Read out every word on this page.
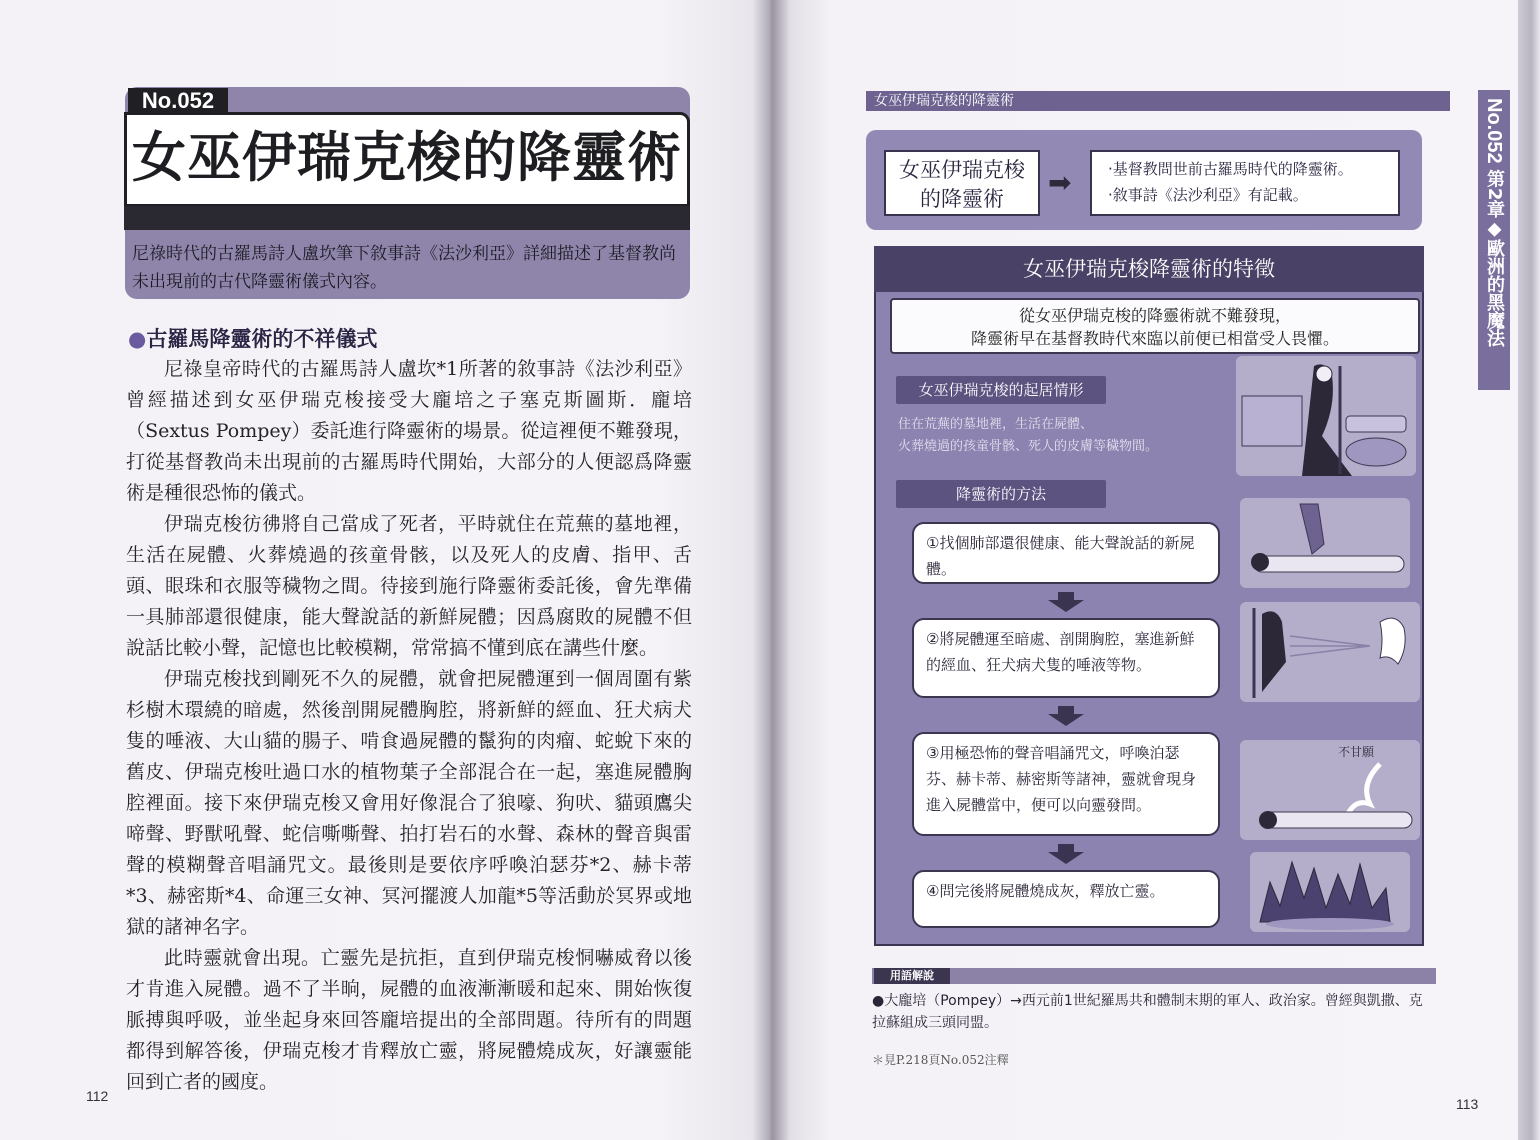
No.052
女巫伊瑞克梭的降靈術
尼祿時代的古羅馬詩人盧坎筆下敘事詩《法沙利亞》詳細描述了基督教尚未出現前的古代降靈術儀式內容。
●古羅馬降靈術的不祥儀式

尼祿皇帝時代的古羅馬詩人盧坎*1所著的敘事詩《法沙利亞》曾經描述到女巫伊瑞克梭接受大龐培之子塞克斯圖斯．龐培（Sextus Pompey）委託進行降靈術的場景。從這裡便不難發現，打從基督教尚未出現前的古羅馬時代開始，大部分的人便認爲降靈術是種很恐怖的儀式。

伊瑞克梭彷彿將自己當成了死者，平時就住在荒蕪的墓地裡，生活在屍體、火葬燒過的孩童骨骸，以及死人的皮膚、指甲、舌頭、眼珠和衣服等穢物之間。待接到施行降靈術委託後，會先準備一具肺部還很健康，能大聲說話的新鮮屍體；因爲腐敗的屍體不但說話比較小聲，記憶也比較模糊，常常搞不懂到底在講些什麼。

伊瑞克梭找到剛死不久的屍體，就會把屍體運到一個周圍有紫杉樹木環繞的暗處，然後剖開屍體胸腔，將新鮮的經血、狂犬病犬隻的唾液、大山貓的腸子、啃食過屍體的鬣狗的肉瘤、蛇蛻下來的舊皮、伊瑞克梭吐過口水的植物葉子全部混合在一起，塞進屍體胸腔裡面。接下來伊瑞克梭又會用好像混合了狼嚎、狗吠、貓頭鷹尖啼聲、野獸吼聲、蛇信嘶嘶聲、拍打岩石的水聲、森林的聲音與雷聲的模糊聲音唱誦咒文。最後則是要依序呼喚泊瑟芬*2、赫卡蒂*3、赫密斯*4、命運三女神、冥河擺渡人加龍*5等活動於冥界或地獄的諸神名字。

此時靈就會出現。亡靈先是抗拒，直到伊瑞克梭恫嚇威脅以後才肯進入屍體。過不了半晌，屍體的血液漸漸暖和起來、開始恢復脈搏與呼吸，並坐起身來回答龐培提出的全部問題。待所有的問題都得到解答後，伊瑞克梭才肯釋放亡靈，將屍體燒成灰，好讓靈能回到亡者的國度。

112
女巫伊瑞克梭的降靈術	No.052 第2章◆歐洲的黑魔法
女巫伊瑞克梭
的降靈術	➡ ·基督教問世前古羅馬時代的降靈術。
·敘事詩《法沙利亞》有記載。
女巫伊瑞克梭降靈術的特徵
從女巫伊瑞克梭的降靈術就不難發現，
降靈術早在基督教時代來臨以前便已相當受人畏懼。
女巫伊瑞克梭的起居情形
住在荒蕪的墓地裡，生活在屍體、
火葬燒過的孩童骨骸、死人的皮膚等穢物間。
降靈術的方法
①找個肺部還很健康、能大聲說話的新屍體。
②將屍體運至暗處、剖開胸腔，塞進新鮮的經血、狂犬病犬隻的唾液等物。
③用極恐怖的聲音唱誦咒文，呼喚泊瑟芬、赫卡蒂、赫密斯等諸神，靈就會現身進入屍體當中，便可以向靈發問。
④問完後將屍體燒成灰，釋放亡靈。
不甘願
用語解說
●大龐培（Pompey）→西元前1世紀羅馬共和體制末期的軍人、政治家。曾經與凱撒、克拉蘇組成三頭同盟。
＊見P.218頁No.052注釋
113
